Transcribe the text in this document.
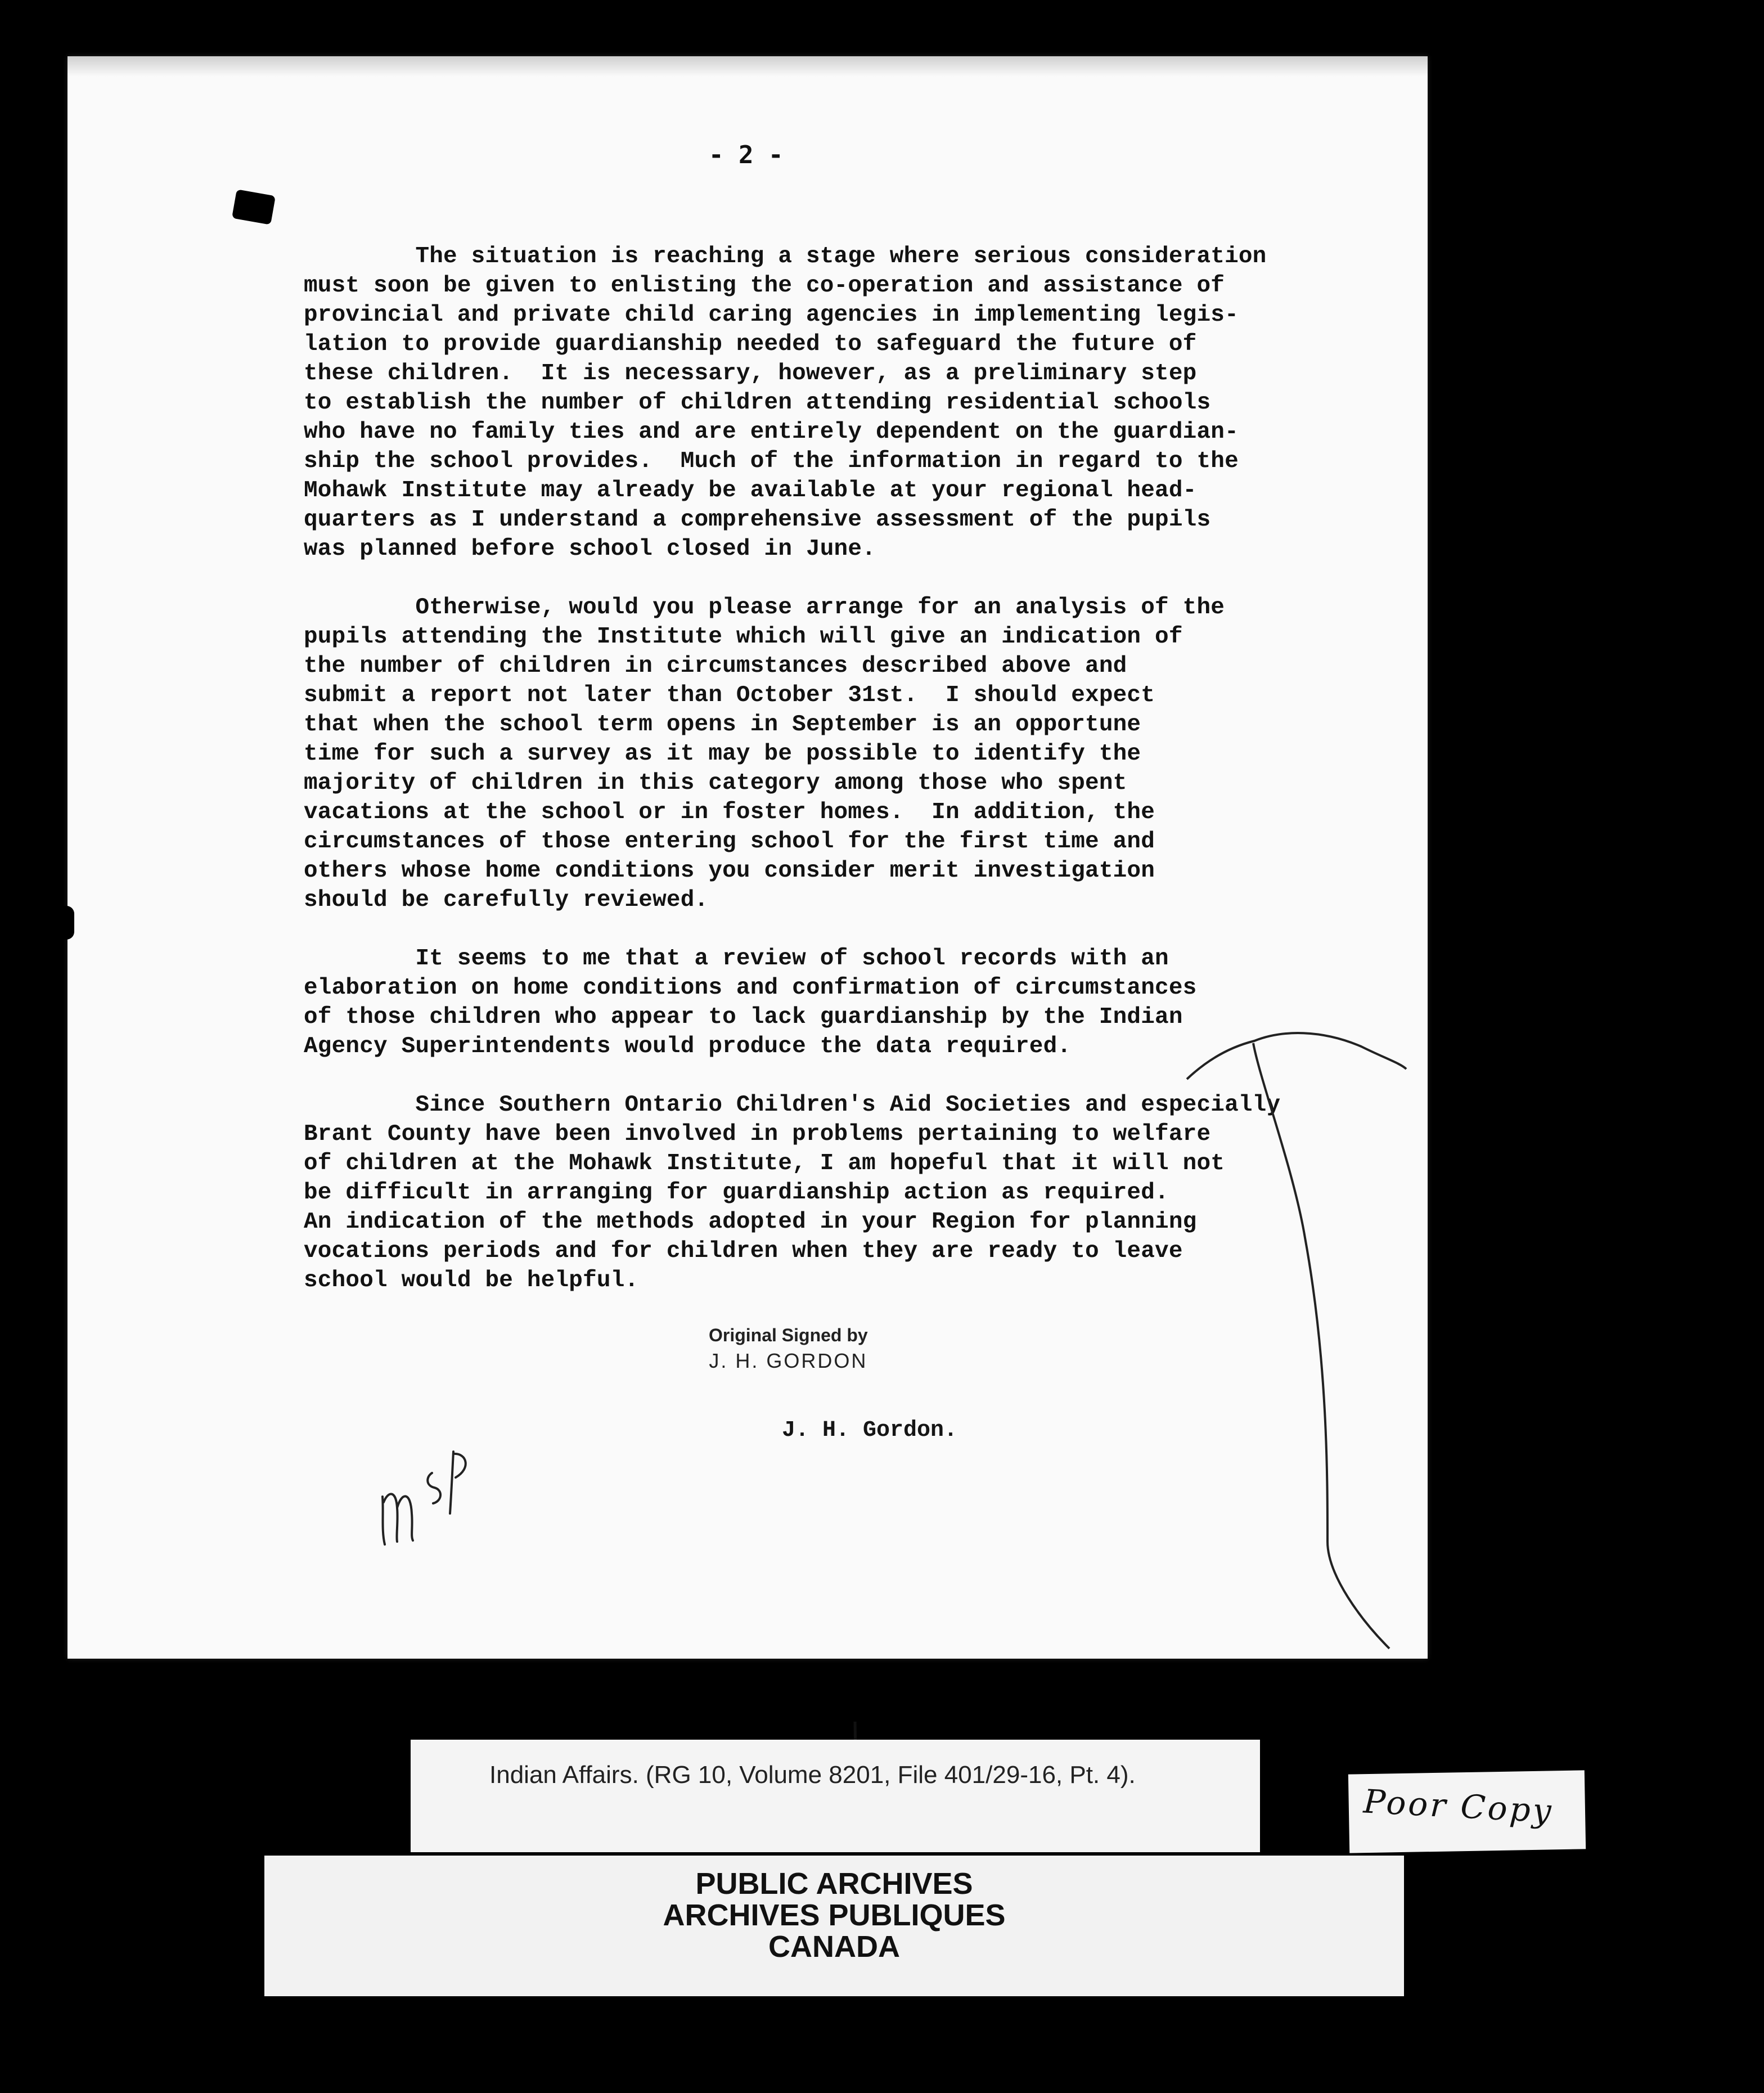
- 2 -

The situation is reaching a stage where serious consideration
must soon be given to enlisting the co-operation and assistance of
provincial and private child caring agencies in implementing legis-
lation to provide guardianship needed to safeguard the future of
these children.  It is necessary, however, as a preliminary step
to establish the number of children attending residential schools
who have no family ties and are entirely dependent on the guardian-
ship the school provides.  Much of the information in regard to the
Mohawk Institute may already be available at your regional head-
quarters as I understand a comprehensive assessment of the pupils
was planned before school closed in June.

Otherwise, would you please arrange for an analysis of the
pupils attending the Institute which will give an indication of
the number of children in circumstances described above and
submit a report not later than October 31st.  I should expect
that when the school term opens in September is an opportune
time for such a survey as it may be possible to identify the
majority of children in this category among those who spent
vacations at the school or in foster homes.  In addition, the
circumstances of those entering school for the first time and
others whose home conditions you consider merit investigation
should be carefully reviewed.

It seems to me that a review of school records with an
elaboration on home conditions and confirmation of circumstances
of those children who appear to lack guardianship by the Indian
Agency Superintendents would produce the data required.

Since Southern Ontario Children's Aid Societies and especially
Brant County have been involved in problems pertaining to welfare
of children at the Mohawk Institute, I am hopeful that it will not
be difficult in arranging for guardianship action as required.
An indication of the methods adopted in your Region for planning
vocations periods and for children when they are ready to leave
school would be helpful.

Original Signed by
J. H. GORDON
J. H. Gordon.
Indian Affairs. (RG 10, Volume 8201, File 401/29-16, Pt. 4).
Poor Copy
PUBLIC ARCHIVES
ARCHIVES PUBLIQUES
CANADA
